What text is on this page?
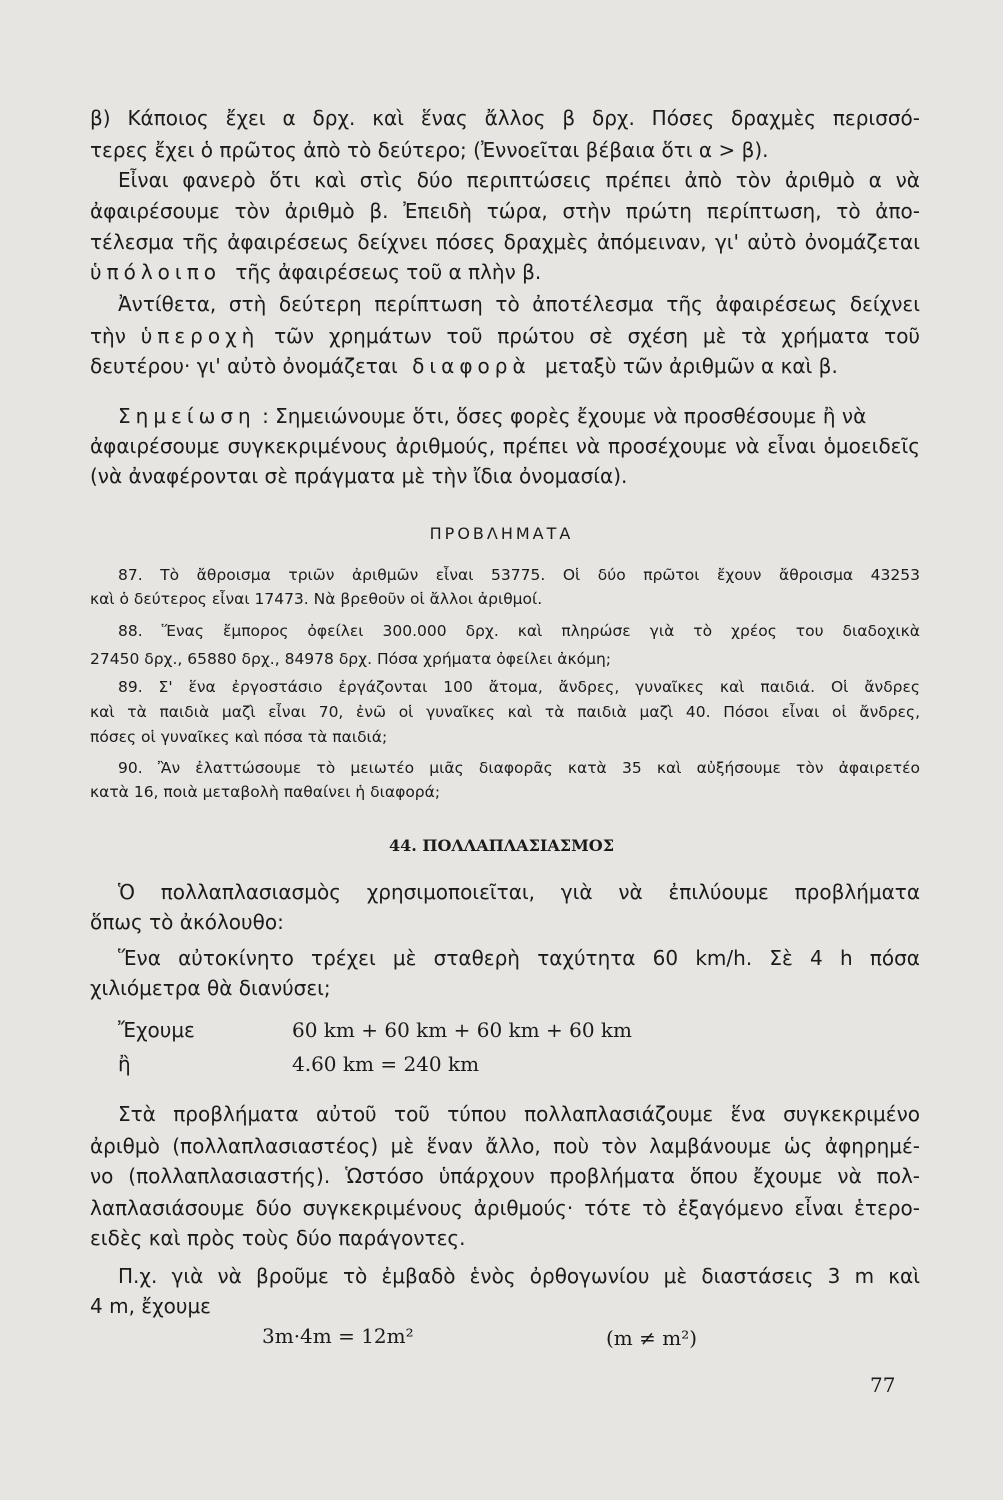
β) Κάποιος ἔχει α δρχ. καὶ ἕνας ἄλλος β δρχ. Πόσες δραχμὲς περισσό-
τερες ἔχει ὁ πρῶτος ἀπὸ τὸ δεύτερο; (Ἐννοεῖται βέβαια ὅτι α > β).
Εἶναι φανερὸ ὅτι καὶ στὶς δύο περιπτώσεις πρέπει ἀπὸ τὸν ἀριθμὸ α νὰ
ἀφαιρέσουμε τὸν ἀριθμὸ β. Ἐπειδὴ τώρα, στὴν πρώτη περίπτωση, τὸ ἀπο-
τέλεσμα τῆς ἀφαιρέσεως δείχνει πόσες δραχμὲς ἀπόμειναν, γι' αὐτὸ ὀνομάζεται
ὑπόλοιπο τῆς ἀφαιρέσεως τοῦ α πλὴν β.
Ἀντίθετα, στὴ δεύτερη περίπτωση τὸ ἀποτέλεσμα τῆς ἀφαιρέσεως δείχνει
τὴν ὑπεροχὴ τῶν χρημάτων τοῦ πρώτου σὲ σχέση μὲ τὰ χρήματα τοῦ
δευτέρου· γι' αὐτὸ ὀνομάζεται διαφορὰ μεταξὺ τῶν ἀριθμῶν α καὶ β.
Σημείωση : Σημειώνουμε ὅτι, ὅσες φορὲς ἔχουμε νὰ προσθέσουμε ἢ νὰ
ἀφαιρέσουμε συγκεκριμένους ἀριθμούς, πρέπει νὰ προσέχουμε νὰ εἶναι ὁμοειδεῖς
(νὰ ἀναφέρονται σὲ πράγματα μὲ τὴν ἴδια ὀνομασία).
ΠΡΟΒΛΗΜΑΤΑ
87. Τὸ ἄθροισμα τριῶν ἀριθμῶν εἶναι 53775. Οἱ δύο πρῶτοι ἔχουν ἄθροισμα 43253
καὶ ὁ δεύτερος εἶναι 17473. Νὰ βρεθοῦν οἱ ἄλλοι ἀριθμοί.
88. Ἕνας ἔμπορος ὀφείλει 300.000 δρχ. καὶ πληρώσε γιὰ τὸ χρέος του διαδοχικὰ
27450 δρχ., 65880 δρχ., 84978 δρχ. Πόσα χρήματα ὀφείλει ἀκόμη;
89. Σ' ἕνα ἐργοστάσιο ἐργάζονται 100 ἄτομα, ἄνδρες, γυναῖκες καὶ παιδιά. Οἱ ἄνδρες
καὶ τὰ παιδιὰ μαζὶ εἶναι 70, ἐνῶ οἱ γυναῖκες καὶ τὰ παιδιὰ μαζὶ 40. Πόσοι εἶναι οἱ ἄνδρες,
πόσες οἱ γυναῖκες καὶ πόσα τὰ παιδιά;
90. Ἂν ἐλαττώσουμε τὸ μειωτέο μιᾶς διαφορᾶς κατὰ 35 καὶ αὐξήσουμε τὸν ἀφαιρετέο
κατὰ 16, ποιὰ μεταβολὴ παθαίνει ἡ διαφορά;
44. ΠΟΛΛΑΠΛΑΣΙΑΣΜΟΣ
Ὁ πολλαπλασιασμὸς χρησιμοποιεῖται, γιὰ νὰ ἐπιλύουμε προβλήματα
ὅπως τὸ ἀκόλουθο:
Ἕνα αὐτοκίνητο τρέχει μὲ σταθερὴ ταχύτητα 60 km/h. Σὲ 4 h πόσα
χιλιόμετρα θὰ διανύσει;
Ἔχουμε	60 km + 60 km + 60 km + 60 km
ἢ	4.60 km = 240 km
Στὰ προβλήματα αὐτοῦ τοῦ τύπου πολλαπλασιάζουμε ἕνα συγκεκριμένο
ἀριθμὸ (πολλαπλασιαστέος) μὲ ἕναν ἄλλο, ποὺ τὸν λαμβάνουμε ὡς ἀφηρημέ-
νο (πολλαπλασιαστής). Ὡστόσο ὑπάρχουν προβλήματα ὅπου ἔχουμε νὰ πολ-
λαπλασιάσουμε δύο συγκεκριμένους ἀριθμούς· τότε τὸ ἐξαγόμενο εἶναι ἑτερο-
ειδὲς καὶ πρὸς τοὺς δύο παράγοντες.
Π.χ. γιὰ νὰ βροῦμε τὸ ἐμβαδὸ ἑνὸς ὀρθογωνίου μὲ διαστάσεις 3 m καὶ
4 m, ἔχουμε
3m·4m = 12m²	(m ≠ m²)
77
